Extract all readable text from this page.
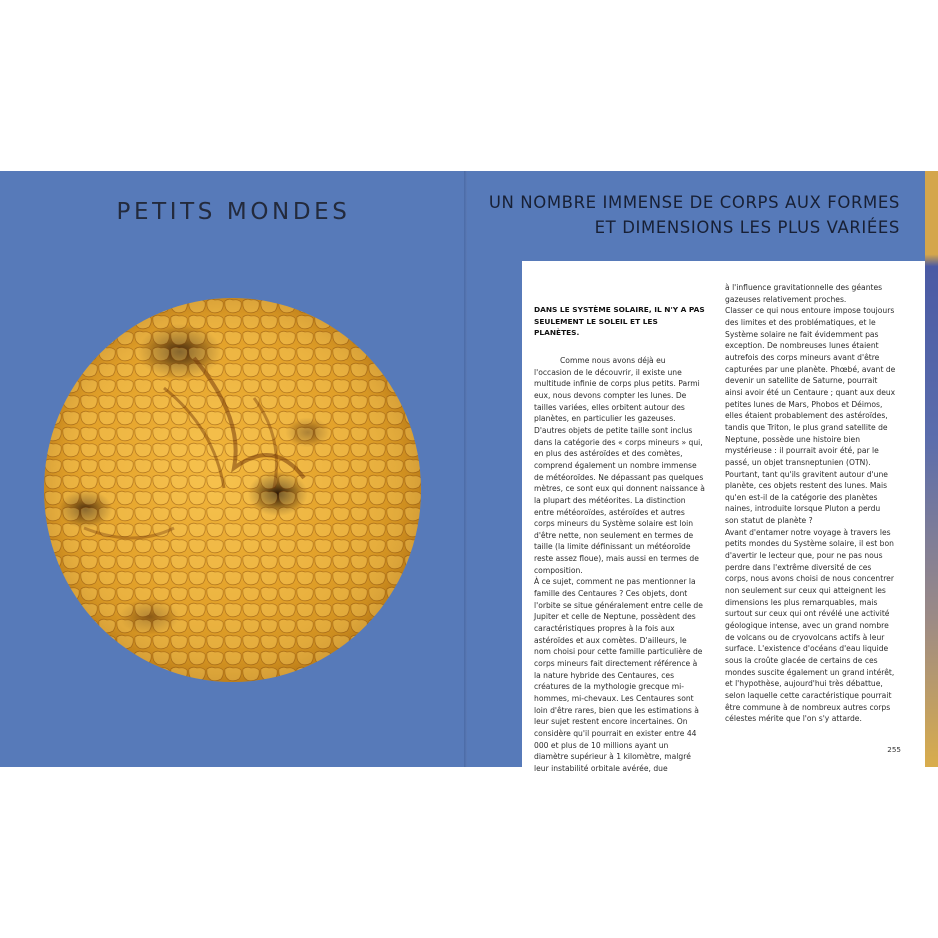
PETITS MONDES	UN NOMBRE IMMENSE DE CORPS AUX FORMES ET DIMENSIONS LES PLUS VARIÉES

DANS LE SYSTÈME SOLAIRE, IL N'Y A PAS SEULEMENT LE SOLEIL ET LES PLANÈTES.

Comme nous avons déjà eu l'occasion de le découvrir, il existe une multitude infinie de corps plus petits. Parmi eux, nous devons compter les lunes. De tailles variées, elles orbitent autour des planètes, en particulier les gazeuses.

D'autres objets de petite taille sont inclus dans la catégorie des « corps mineurs » qui, en plus des astéroïdes et des comètes, comprend également un nombre immense de météoroïdes. Ne dépassant pas quelques mètres, ce sont eux qui donnent naissance à la plupart des météorites. La distinction entre météoroïdes, astéroïdes et autres corps mineurs du Système solaire est loin d'être nette, non seulement en termes de taille (la limite définissant un météoroïde reste assez floue), mais aussi en termes de composition.

À ce sujet, comment ne pas mentionner la famille des Centaures ? Ces objets, dont l'orbite se situe généralement entre celle de Jupiter et celle de Neptune, possèdent des caractéristiques propres à la fois aux astéroïdes et aux comètes. D'ailleurs, le nom choisi pour cette famille particulière de corps mineurs fait directement référence à la nature hybride des Centaures, ces créatures de la mythologie grecque mi-hommes, mi-chevaux. Les Centaures sont loin d'être rares, bien que les estimations à leur sujet restent encore incertaines. On considère qu'il pourrait en exister entre 44 000 et plus de 10 millions ayant un diamètre supérieur à 1 kilomètre, malgré leur instabilité orbitale avérée, due

à l'influence gravitationnelle des géantes gazeuses relativement proches.

Classer ce qui nous entoure impose toujours des limites et des problématiques, et le Système solaire ne fait évidemment pas exception. De nombreuses lunes étaient autrefois des corps mineurs avant d'être capturées par une planète. Phœbé, avant de devenir un satellite de Saturne, pourrait ainsi avoir été un Centaure ; quant aux deux petites lunes de Mars, Phobos et Déimos, elles étaient probablement des astéroïdes, tandis que Triton, le plus grand satellite de Neptune, possède une histoire bien mystérieuse : il pourrait avoir été, par le passé, un objet transneptunien (OTN). Pourtant, tant qu'ils gravitent autour d'une planète, ces objets restent des lunes. Mais qu'en est-il de la catégorie des planètes naines, introduite lorsque Pluton a perdu son statut de planète ?

Avant d'entamer notre voyage à travers les petits mondes du Système solaire, il est bon d'avertir le lecteur que, pour ne pas nous perdre dans l'extrême diversité de ces corps, nous avons choisi de nous concentrer non seulement sur ceux qui atteignent les dimensions les plus remarquables, mais surtout sur ceux qui ont révélé une activité géologique intense, avec un grand nombre de volcans ou de cryovolcans actifs à leur surface. L'existence d'océans d'eau liquide sous la croûte glacée de certains de ces mondes suscite également un grand intérêt, et l'hypothèse, aujourd'hui très débattue, selon laquelle cette caractéristique pourrait être commune à de nombreux autres corps célestes mérite que l'on s'y attarde.

255
